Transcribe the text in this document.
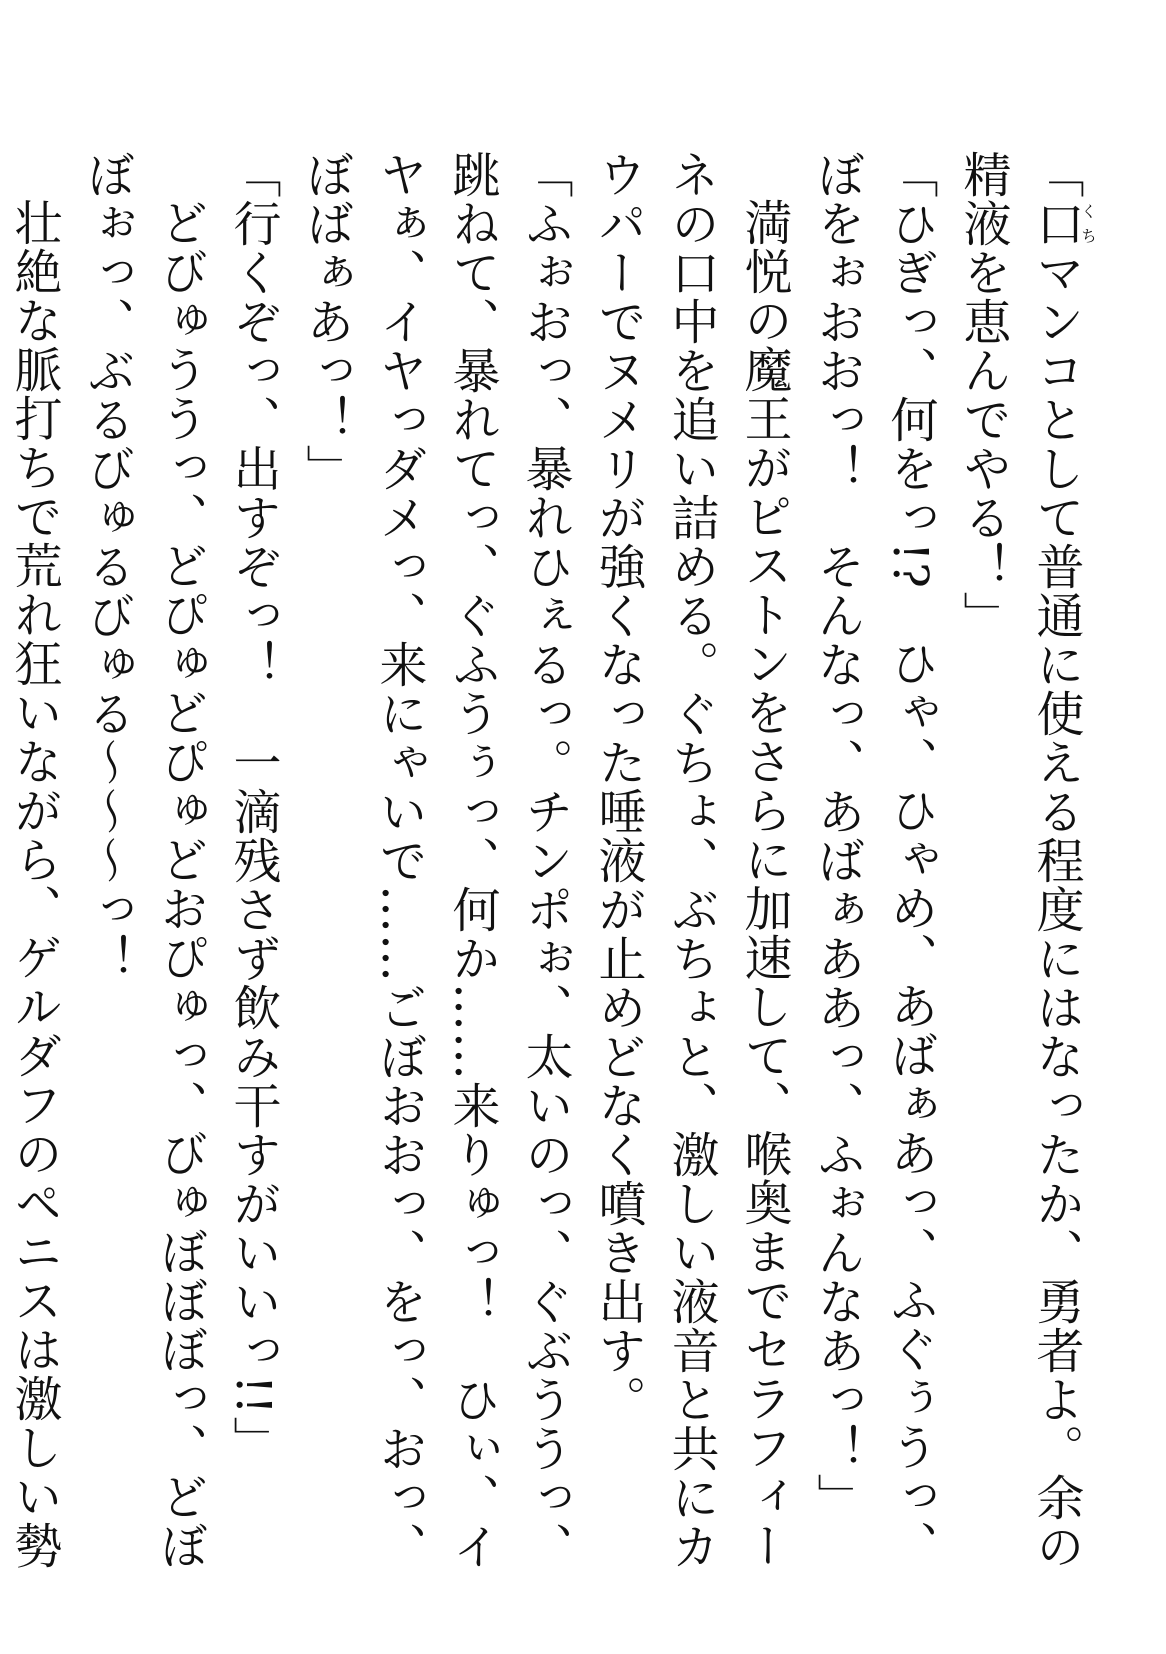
「口くちマンコとして普通に使える程度にはなったか、勇者よ。余の精液を恵んでやる！」

「ひぎっ、何をっ!?　ひゃ、ひゃめ、あばぁあっ、ふぐぅうっ、ぼをぉおおっ！　そんなっ、あばぁああっ、ふぉんなあっ！」

満悦の魔王がピストンをさらに加速して、喉奥までセラフィーネの口中を追い詰める。ぐちょ、ぶちょと、激しい液音と共にカウパーでヌメリが強くなった唾液が止めどなく噴き出す。

「ふぉおっ、暴れひぇるっ。チンポぉ、太いのっ、ぐぶううっ、跳ねて、暴れてっ、ぐふうぅっ、何か……来りゅっ！　ひぃ、イヤぁ、イヤっダメっ、来にゃいで……ごぼおおっ、をっ、おっ、ぼばぁあっ！」

「行くぞっ、出すぞっ！　一滴残さず飲み干すがいいっ!!」

どびゅううっ、どぴゅどぴゅどおぴゅっ、びゅぼぼぼっ、どぼぼぉっ、ぶるびゅるびゅる〜〜〜っ！

壮絶な脈打ちで荒れ狂いながら、ゲルダフのペニスは激しい勢
